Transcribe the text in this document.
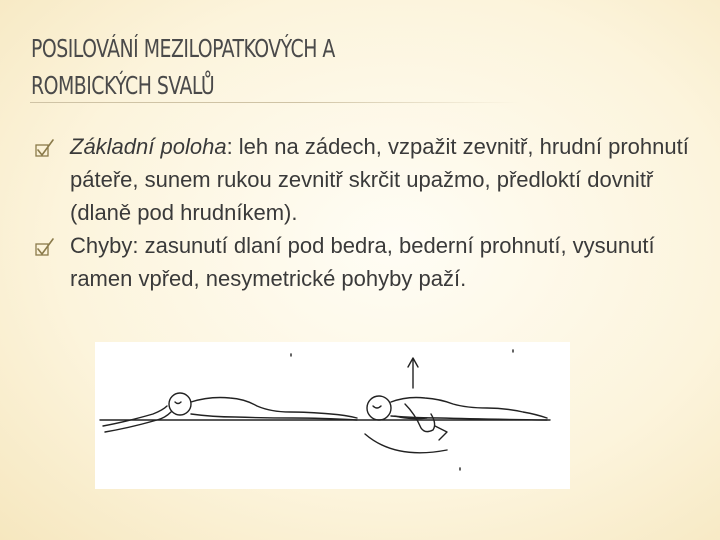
POSILOVÁNÍ MEZILOPATKOVÝCH A
ROMBICKÝCH SVALŮ
Základní poloha: leh na zádech, vzpažit zevnitř, hrudní prohnutí páteře, sunem rukou zevnitř skrčit upažmo, předloktí dovnitř (dlaně pod hrudníkem).
Chyby: zasunutí dlaní pod bedra, bederní prohnutí, vysunutí ramen vpřed, nesymetrické pohyby paží.
